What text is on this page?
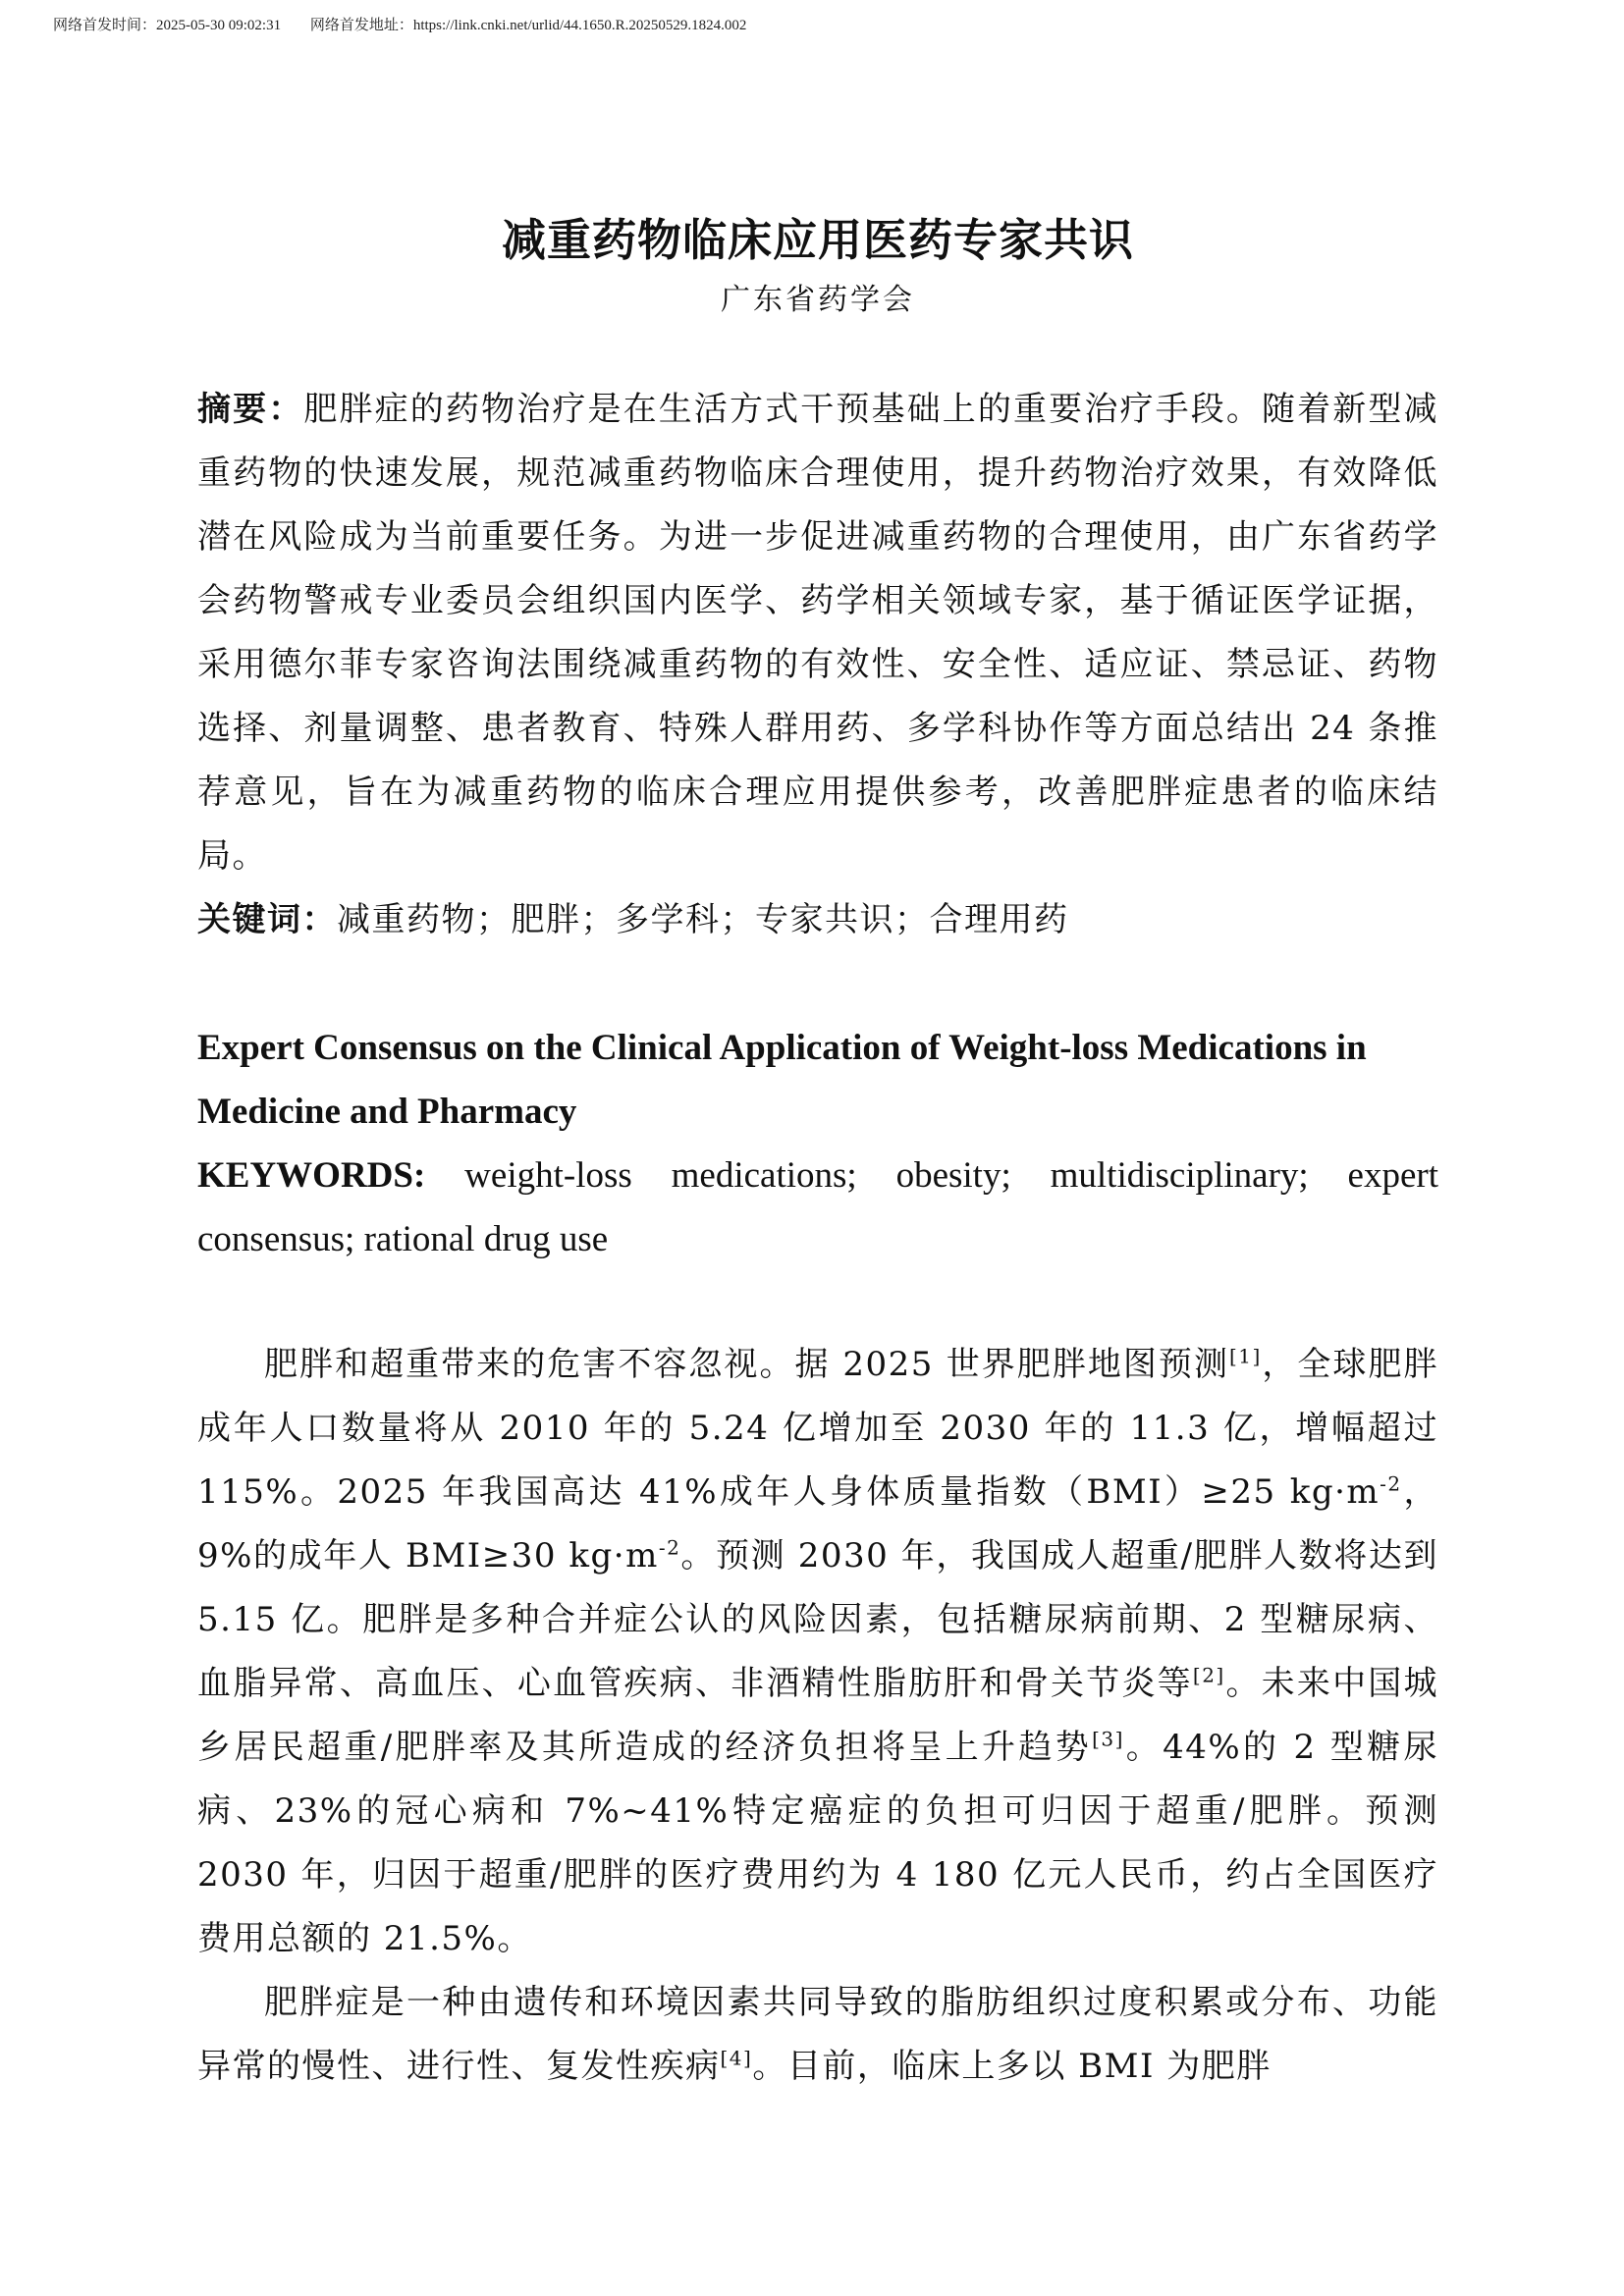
网络首发时间：2025-05-30 09:02:31 网络首发地址：https://link.cnki.net/urlid/44.1650.R.20250529.1824.002
减重药物临床应用医药专家共识
广东省药学会
摘要：肥胖症的药物治疗是在生活方式干预基础上的重要治疗手段。随着新型减重药物的快速发展，规范减重药物临床合理使用，提升药物治疗效果，有效降低潜在风险成为当前重要任务。为进一步促进减重药物的合理使用，由广东省药学会药物警戒专业委员会组织国内医学、药学相关领域专家，基于循证医学证据，采用德尔菲专家咨询法围绕减重药物的有效性、安全性、适应证、禁忌证、药物选择、剂量调整、患者教育、特殊人群用药、多学科协作等方面总结出 24 条推荐意见，旨在为减重药物的临床合理应用提供参考，改善肥胖症患者的临床结局。
关键词：减重药物；肥胖；多学科；专家共识；合理用药
Expert Consensus on the Clinical Application of Weight-loss Medications in Medicine and Pharmacy
KEYWORDS: weight-loss medications; obesity; multidisciplinary; expert consensus; rational drug use

肥胖和超重带来的危害不容忽视。据 2025 世界肥胖地图预测[1]，全球肥胖成年人口数量将从 2010 年的 5.24 亿增加至 2030 年的 11.3 亿，增幅超过 115%。2025 年我国高达 41%成年人身体质量指数（BMI）≥25 $kg\cdot m^{-2}$，9%的成年人 BMI≥30 $kg\cdot m^{-2}$。预测 2030 年，我国成人超重/肥胖人数将达到 5.15 亿。肥胖是多种合并症公认的风险因素，包括糖尿病前期、2 型糖尿病、血脂异常、高血压、心血管疾病、非酒精性脂肪肝和骨关节炎等[2]。未来中国城乡居民超重/肥胖率及其所造成的经济负担将呈上升趋势[3]。44%的 2 型糖尿病、23%的冠心病和 7%~41%特定癌症的负担可归因于超重/肥胖。预测 2030 年，归因于超重/肥胖的医疗费用约为 4 180 亿元人民币，约占全国医疗费用总额的 21.5%。

肥胖症是一种由遗传和环境因素共同导致的脂肪组织过度积累或分布、功能异常的慢性、进行性、复发性疾病[4]。目前，临床上多以 BMI 为肥胖
